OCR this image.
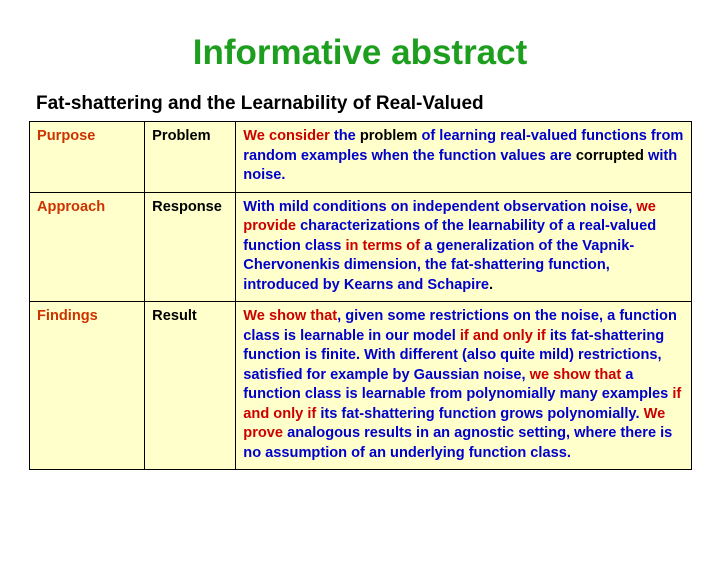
Informative abstract
Fat-shattering and the Learnability of Real-Valued
Purpose	Problem	We consider the problem of learning real-valued functions from random examples when the function values are corrupted with noise.
Approach	Response	With mild conditions on independent observation noise, we provide characterizations of the learnability of a real-valued function class in terms of a generalization of the Vapnik-Chervonenkis dimension, the fat-shattering function, introduced by Kearns and Schapire.
Findings	Result	We show that, given some restrictions on the noise, a function class is learnable in our model if and only if its fat-shattering function is finite. With different (also quite mild) restrictions, satisfied for example by Gaussian noise, we show that a function class is learnable from polynomially many examples if and only if its fat-shattering function grows polynomially. We prove analogous results in an agnostic setting, where there is no assumption of an underlying function class.
